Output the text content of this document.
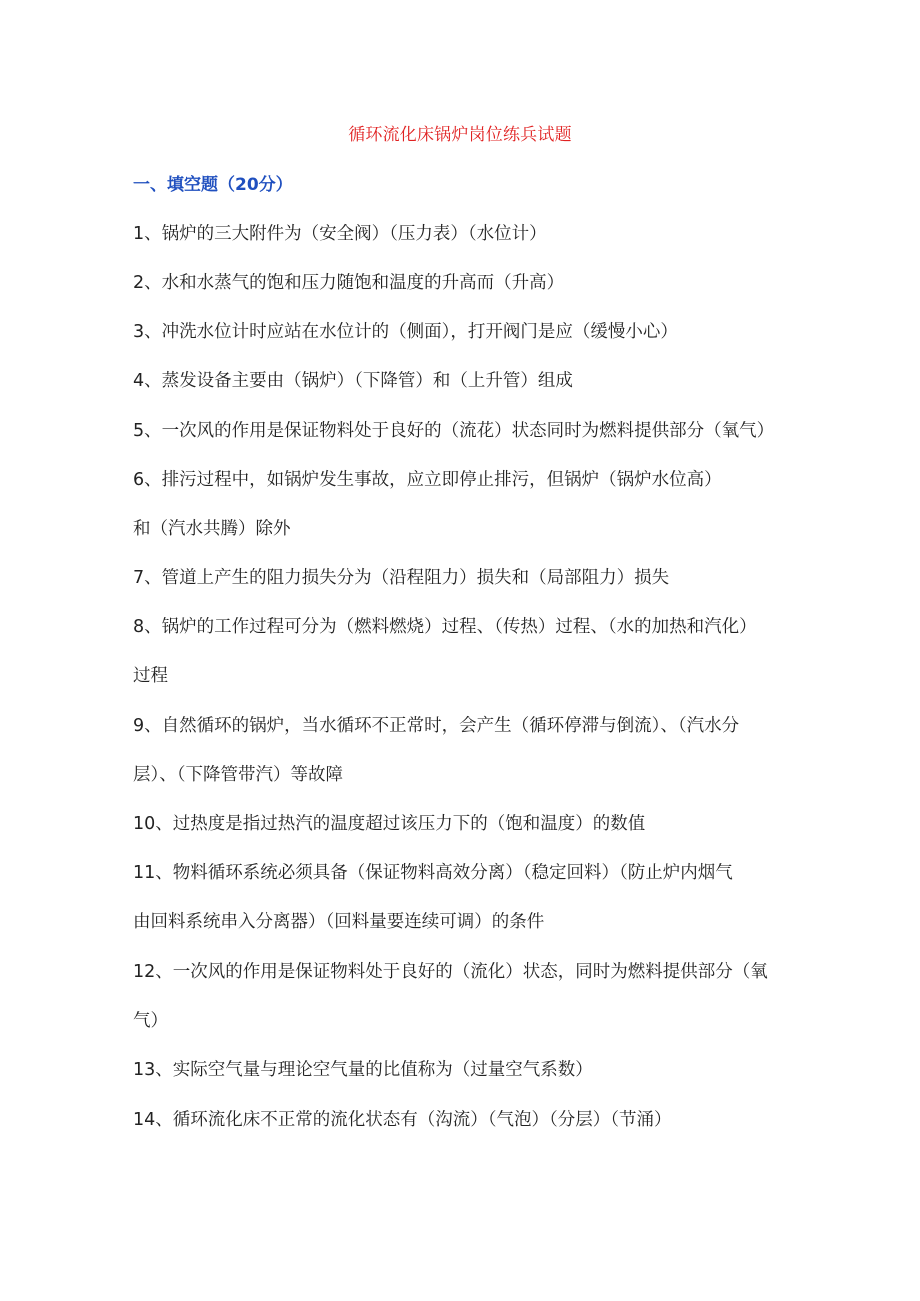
循环流化床锅炉岗位练兵试题
一、填空题（20分）
1、锅炉的三大附件为（安全阀）（压力表）（水位计）
2、水和水蒸气的饱和压力随饱和温度的升高而（升高）
3、冲洗水位计时应站在水位计的（侧面），打开阀门是应（缓慢小心）
4、蒸发设备主要由（锅炉）（下降管）和（上升管）组成
5、一次风的作用是保证物料处于良好的（流花）状态同时为燃料提供部分（氧气）
6、排污过程中，如锅炉发生事故，应立即停止排污，但锅炉（锅炉水位高）
和（汽水共腾）除外
7、管道上产生的阻力损失分为（沿程阻力）损失和（局部阻力）损失
8、锅炉的工作过程可分为（燃料燃烧）过程、（传热）过程、（水的加热和汽化）
过程
9、自然循环的锅炉，当水循环不正常时，会产生（循环停滞与倒流）、（汽水分
层）、（下降管带汽）等故障
10、过热度是指过热汽的温度超过该压力下的（饱和温度）的数值
11、物料循环系统必须具备（保证物料高效分离）（稳定回料）（防止炉内烟气
由回料系统串入分离器）（回料量要连续可调）的条件
12、一次风的作用是保证物料处于良好的（流化）状态，同时为燃料提供部分（氧
气）
13、实际空气量与理论空气量的比值称为（过量空气系数）
14、循环流化床不正常的流化状态有（沟流）（气泡）（分层）（节涌）
